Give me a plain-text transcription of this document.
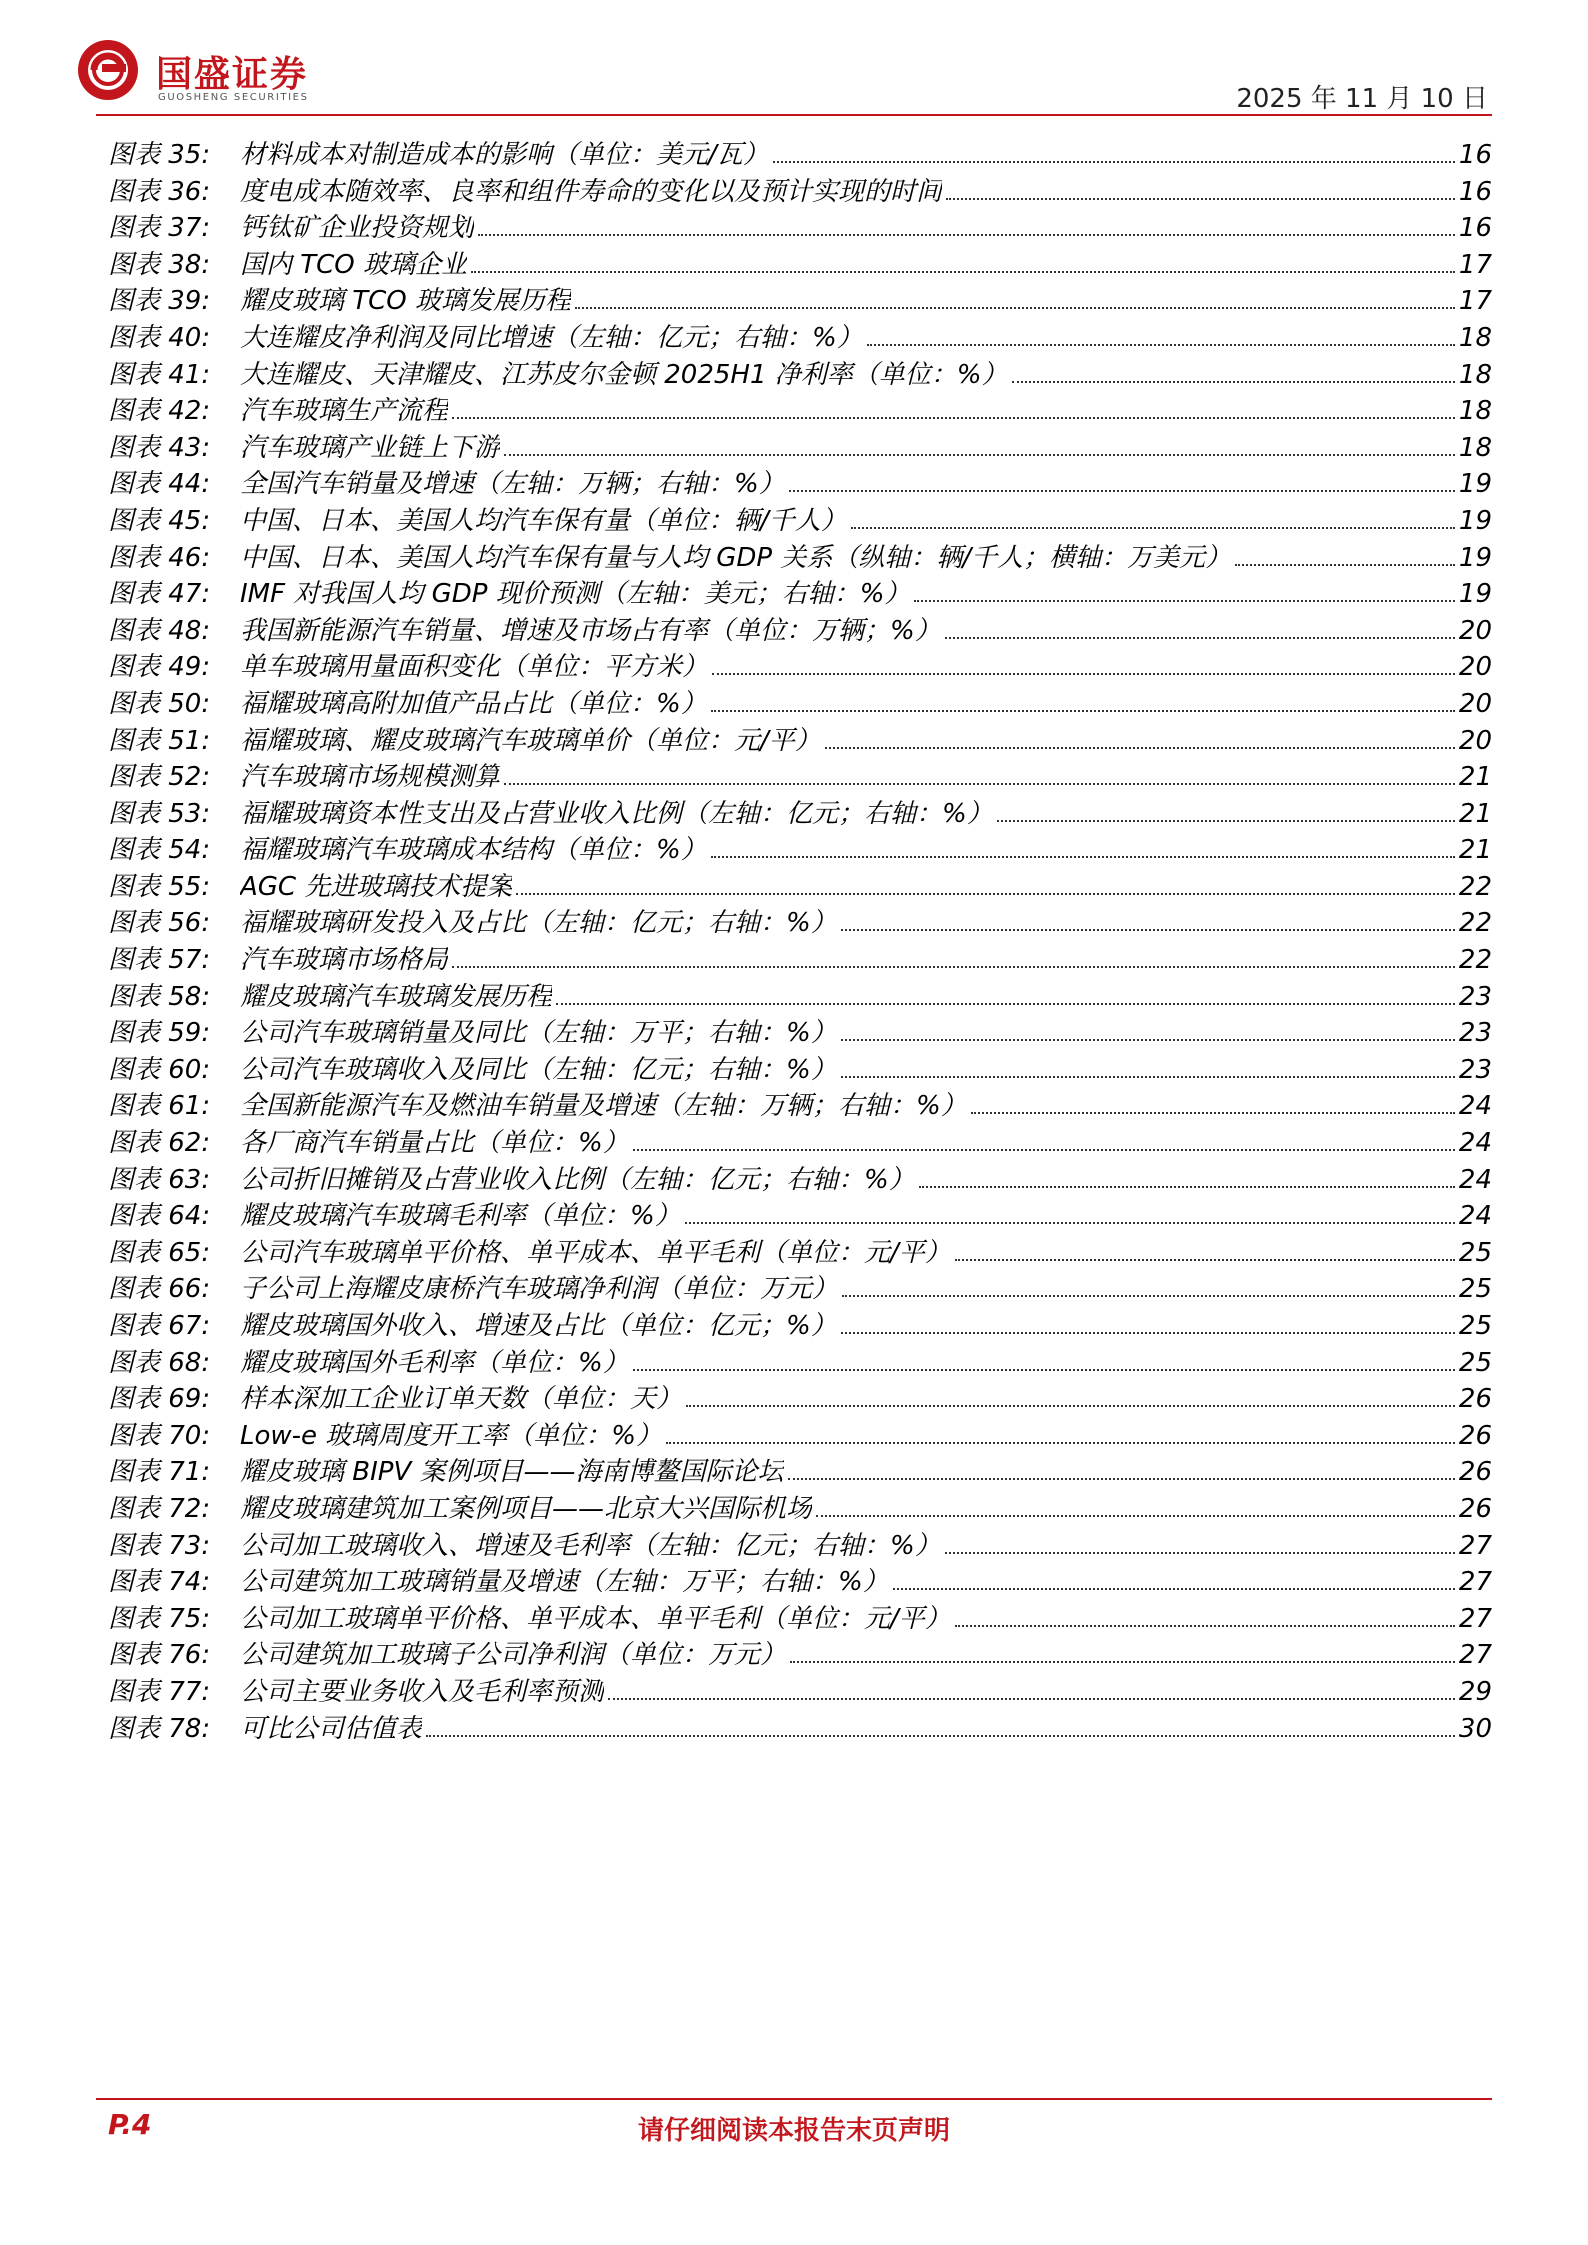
国盛证券
GUOSHENG SECURITIES	2025 年 11 月 10 日
图表 35:	材料成本对制造成本的影响（单位：美元/瓦）	16
图表 36:	度电成本随效率、良率和组件寿命的变化以及预计实现的时间	16
图表 37:	钙钛矿企业投资规划	16
图表 38:	国内 TCO 玻璃企业	17
图表 39:	耀皮玻璃 TCO 玻璃发展历程	17
图表 40:	大连耀皮净利润及同比增速（左轴：亿元；右轴：%）	18
图表 41:	大连耀皮、天津耀皮、江苏皮尔金顿 2025H1 净利率（单位：%）	18
图表 42:	汽车玻璃生产流程	18
图表 43:	汽车玻璃产业链上下游	18
图表 44:	全国汽车销量及增速（左轴：万辆；右轴：%）	19
图表 45:	中国、日本、美国人均汽车保有量（单位：辆/千人）	19
图表 46:	中国、日本、美国人均汽车保有量与人均 GDP 关系（纵轴：辆/千人；横轴：万美元）	19
图表 47:	IMF 对我国人均 GDP 现价预测（左轴：美元；右轴：%）	19
图表 48:	我国新能源汽车销量、增速及市场占有率（单位：万辆；%）	20
图表 49:	单车玻璃用量面积变化（单位：平方米）	20
图表 50:	福耀玻璃高附加值产品占比（单位：%）	20
图表 51:	福耀玻璃、耀皮玻璃汽车玻璃单价（单位：元/平）	20
图表 52:	汽车玻璃市场规模测算	21
图表 53:	福耀玻璃资本性支出及占营业收入比例（左轴：亿元；右轴：%）	21
图表 54:	福耀玻璃汽车玻璃成本结构（单位：%）	21
图表 55:	AGC 先进玻璃技术提案	22
图表 56:	福耀玻璃研发投入及占比（左轴：亿元；右轴：%）	22
图表 57:	汽车玻璃市场格局	22
图表 58:	耀皮玻璃汽车玻璃发展历程	23
图表 59:	公司汽车玻璃销量及同比（左轴：万平；右轴：%）	23
图表 60:	公司汽车玻璃收入及同比（左轴：亿元；右轴：%）	23
图表 61:	全国新能源汽车及燃油车销量及增速（左轴：万辆；右轴：%）	24
图表 62:	各厂商汽车销量占比（单位：%）	24
图表 63:	公司折旧摊销及占营业收入比例（左轴：亿元；右轴：%）	24
图表 64:	耀皮玻璃汽车玻璃毛利率（单位：%）	24
图表 65:	公司汽车玻璃单平价格、单平成本、单平毛利（单位：元/平）	25
图表 66:	子公司上海耀皮康桥汽车玻璃净利润（单位：万元）	25
图表 67:	耀皮玻璃国外收入、增速及占比（单位：亿元；%）	25
图表 68:	耀皮玻璃国外毛利率（单位：%）	25
图表 69:	样本深加工企业订单天数（单位：天）	26
图表 70:	Low-e 玻璃周度开工率（单位：%）	26
图表 71:	耀皮玻璃 BIPV 案例项目——海南博鳌国际论坛	26
图表 72:	耀皮玻璃建筑加工案例项目——北京大兴国际机场	26
图表 73:	公司加工玻璃收入、增速及毛利率（左轴：亿元；右轴：%）	27
图表 74:	公司建筑加工玻璃销量及增速（左轴：万平；右轴：%）	27
图表 75:	公司加工玻璃单平价格、单平成本、单平毛利（单位：元/平）	27
图表 76:	公司建筑加工玻璃子公司净利润（单位：万元）	27
图表 77:	公司主要业务收入及毛利率预测	29
图表 78:	可比公司估值表	30
P.4	请仔细阅读本报告末页声明
